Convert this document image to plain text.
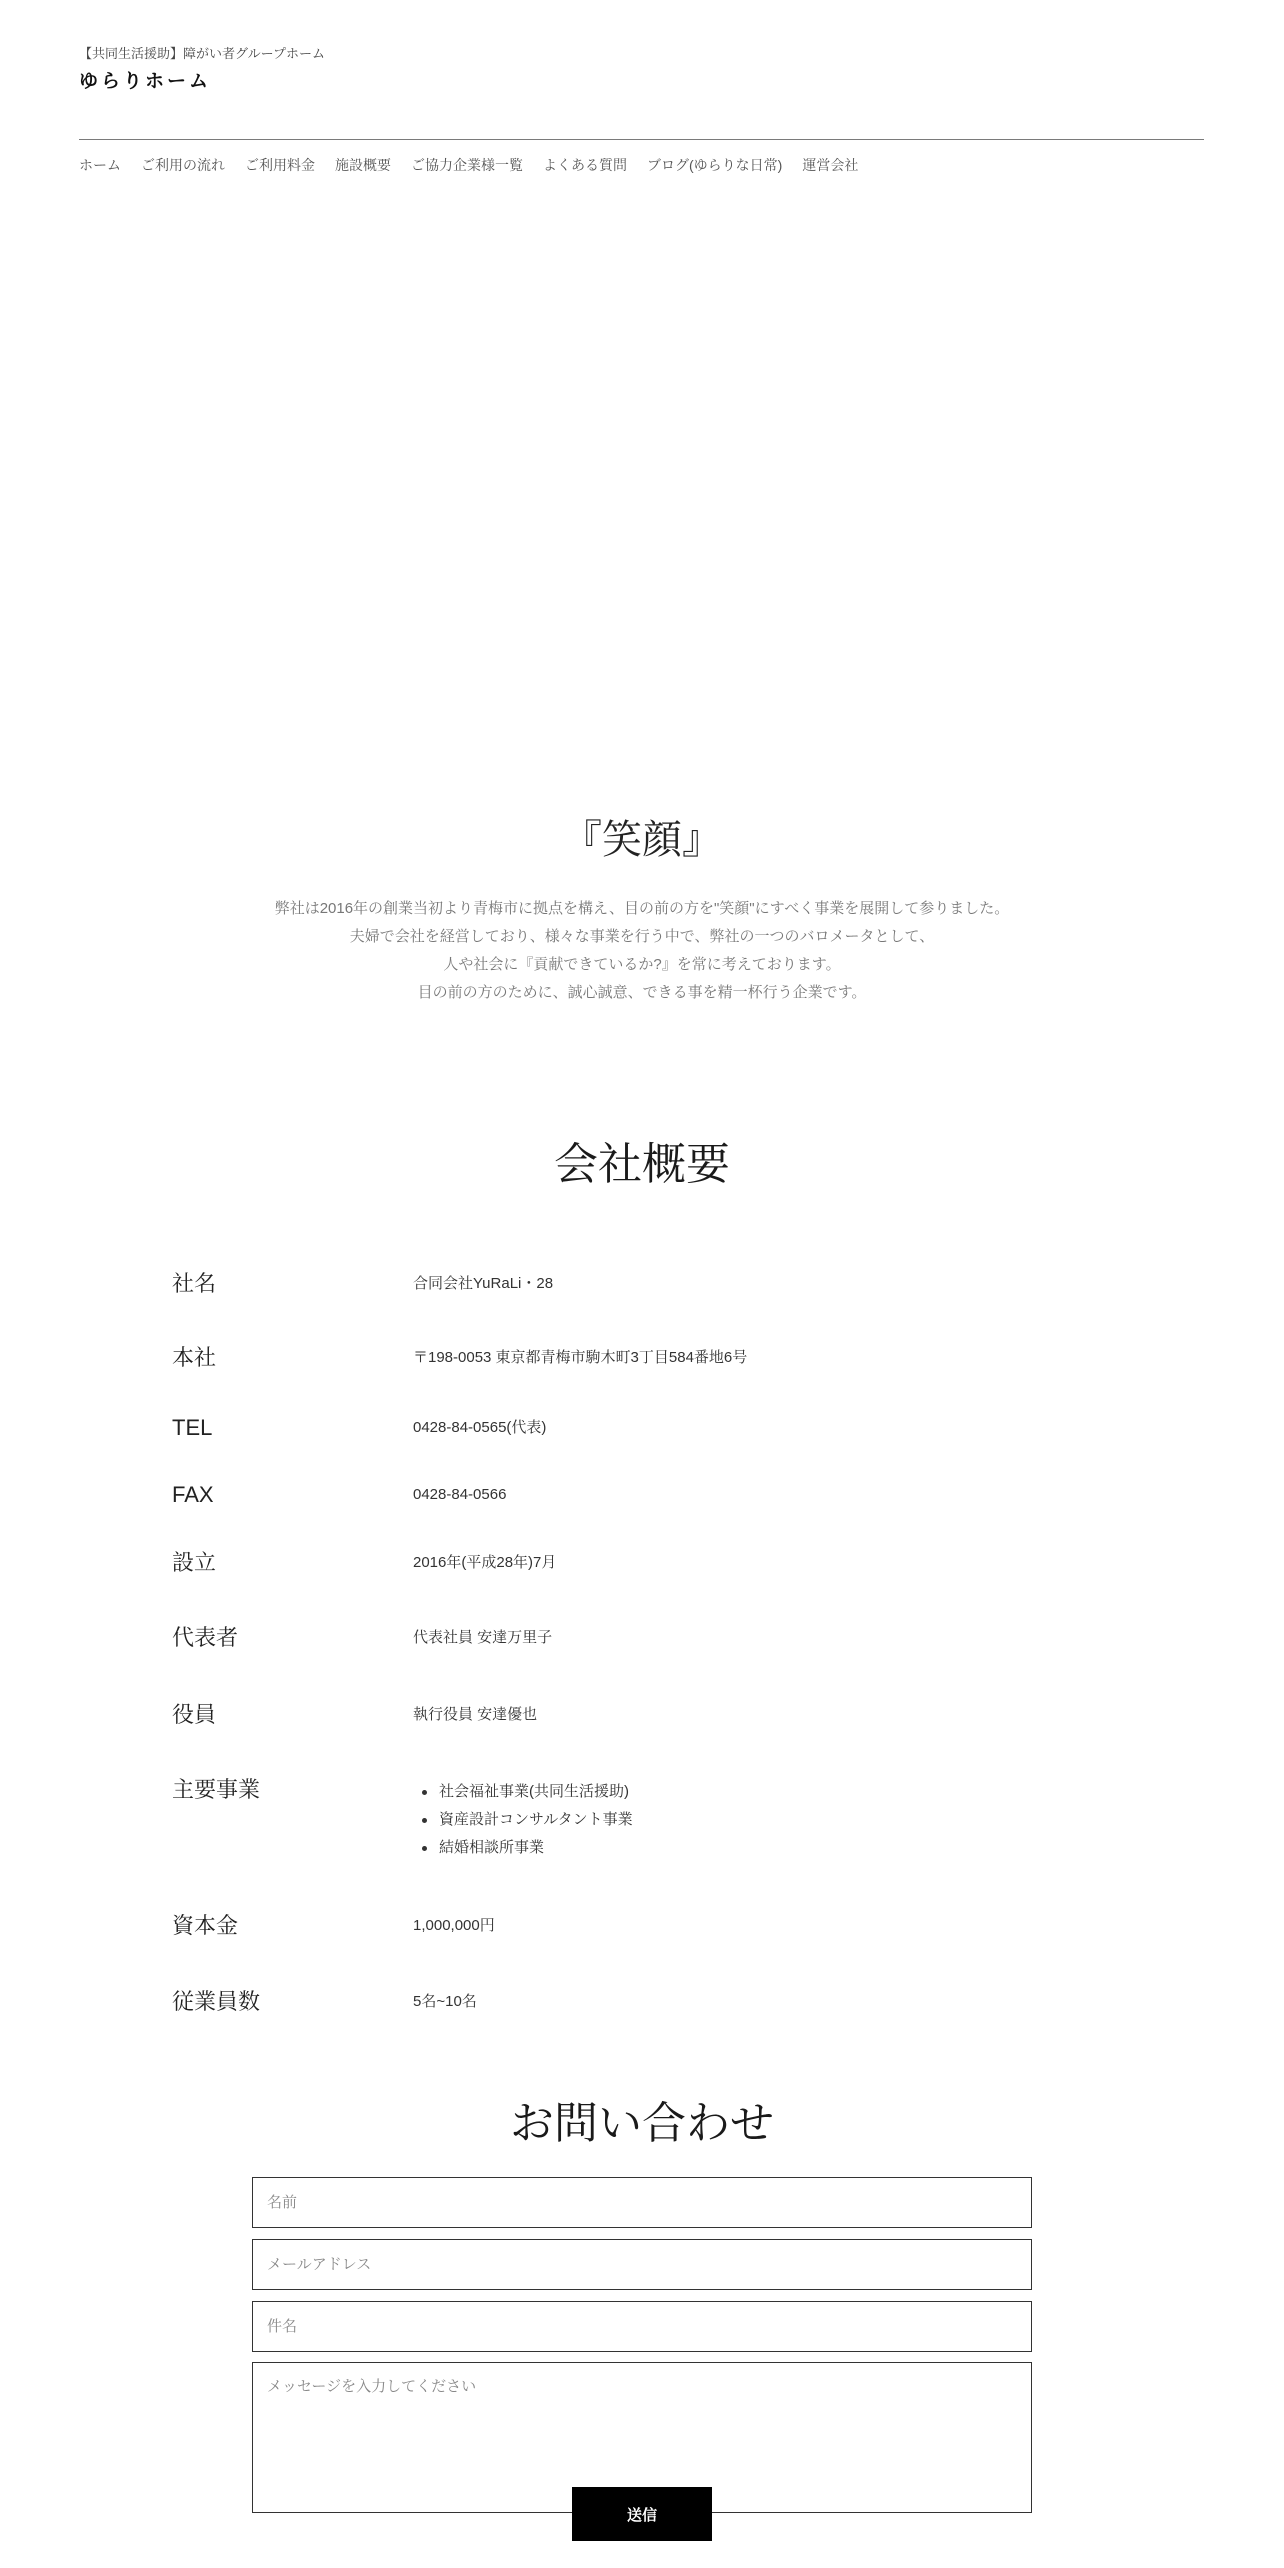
【共同生活援助】障がい者グループホーム
ゆらりホーム
ホーム ご利用の流れ ご利用料金 施設概要 ご協力企業様一覧 よくある質問 ブログ(ゆらりな日常) 運営会社
『笑顔』
弊社は2016年の創業当初より青梅市に拠点を構え、目の前の方を"笑顔"にすべく事業を展開して参りました。
夫婦で会社を経営しており、様々な事業を行う中で、弊社の一つのバロメータとして、
人や社会に『貢献できているか?』を常に考えております。
目の前の方のために、誠心誠意、できる事を精一杯行う企業です。
会社概要
社名	合同会社YuRaLi・28
本社	〒198-0053 東京都青梅市駒木町3丁目584番地6号
TEL	0428-84-0565(代表)
FAX	0428-84-0566
設立	2016年(平成28年)7月
代表者	代表社員 安達万里子
役員	執行役員 安達優也
主要事業	社会福祉事業(共同生活援助)
資産設計コンサルタント事業
結婚相談所事業
資本金	1,000,000円
従業員数	5名~10名
お問い合わせ
名前
メールアドレス
件名
メッセージを入力してください
送信
